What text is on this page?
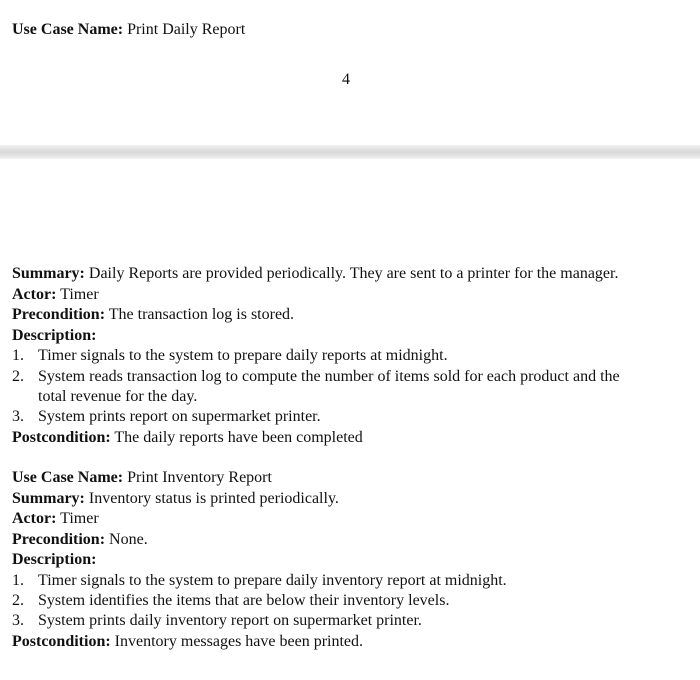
Use Case Name: Print Daily Report
4
Summary: Daily Reports are provided periodically. They are sent to a printer for the manager.
Actor: Timer
Precondition: The transaction log is stored.
Description:
1. Timer signals to the system to prepare daily reports at midnight.
2. System reads transaction log to compute the number of items sold for each product and the
total revenue for the day.
3. System prints report on supermarket printer.
Postcondition: The daily reports have been completed
Use Case Name: Print Inventory Report
Summary: Inventory status is printed periodically.
Actor: Timer
Precondition: None.
Description:
1. Timer signals to the system to prepare daily inventory report at midnight.
2. System identifies the items that are below their inventory levels.
3. System prints daily inventory report on supermarket printer.
Postcondition: Inventory messages have been printed.
